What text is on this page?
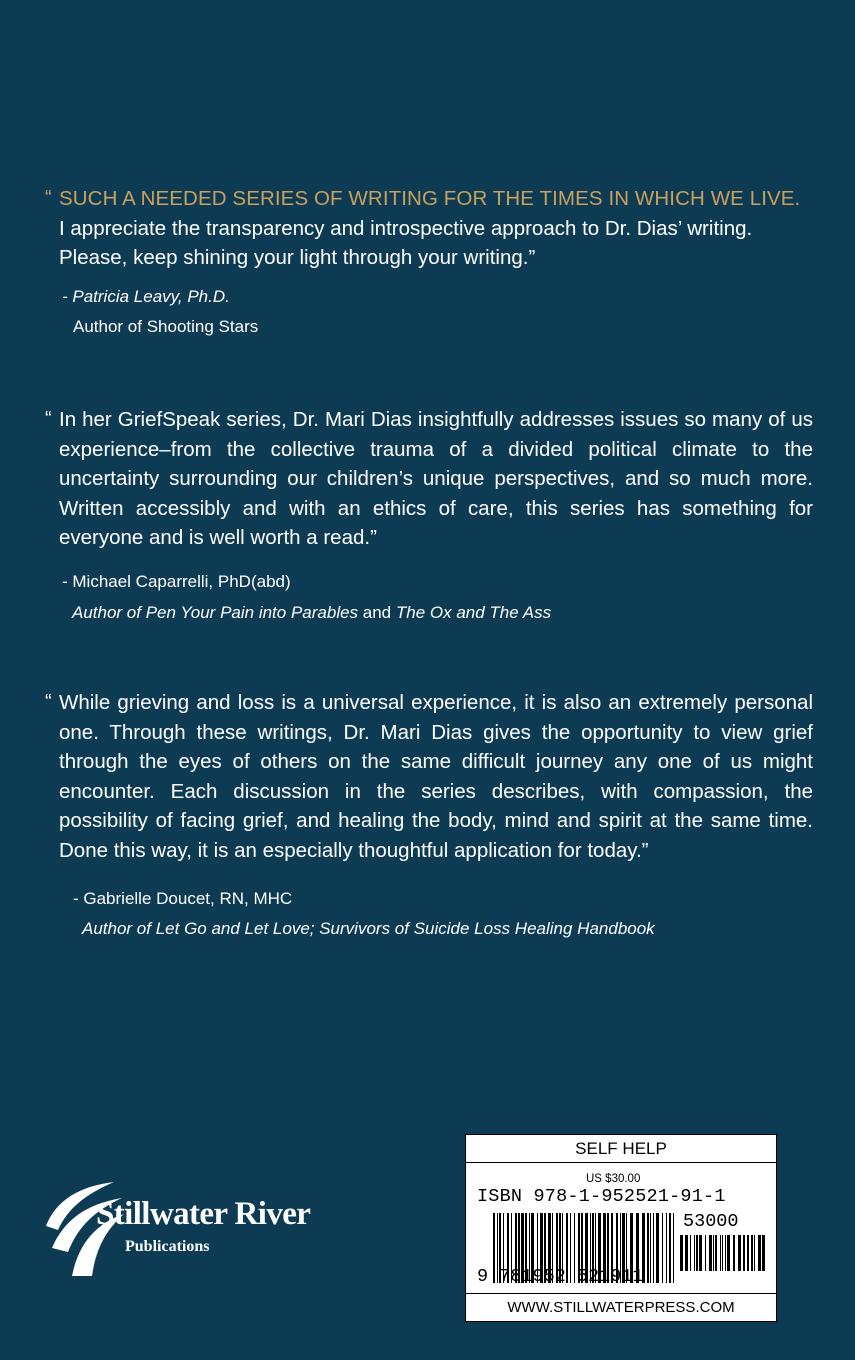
“ SUCH A NEEDED SERIES OF WRITING FOR THE TIMES IN WHICH WE LIVE.
I appreciate the transparency and introspective approach to Dr. Dias’ writing. Please, keep shining your light through your writing.”
- Patricia Leavy, Ph.D.
Author of Shooting Stars
“ In her GriefSpeak series, Dr. Mari Dias insightfully addresses issues so many of us experience–from the collective trauma of a divided political climate to the uncertainty surrounding our children’s unique perspectives, and so much more. Written accessibly and with an ethics of care, this series has something for everyone and is well worth a read.”
- Michael Caparrelli, PhD(abd)
Author of Pen Your Pain into Parables and The Ox and The Ass
“ While grieving and loss is a universal experience, it is also an extremely personal one. Through these writings, Dr. Mari Dias gives the opportunity to view grief through the eyes of others on the same difficult journey any one of us might encounter. Each discussion in the series describes, with compassion, the possibility of facing grief, and healing the body, mind and spirit at the same time. Done this way, it is an especially thoughtful application for today.”
- Gabrielle Doucet, RN, MHC
Author of Let Go and Let Love; Survivors of Suicide Loss Healing Handbook
Stillwater River
Publications
SELF HELP
US $30.00
ISBN 978-1-952521-91-1
53000
9 781952 521911
WWW.STILLWATERPRESS.COM
